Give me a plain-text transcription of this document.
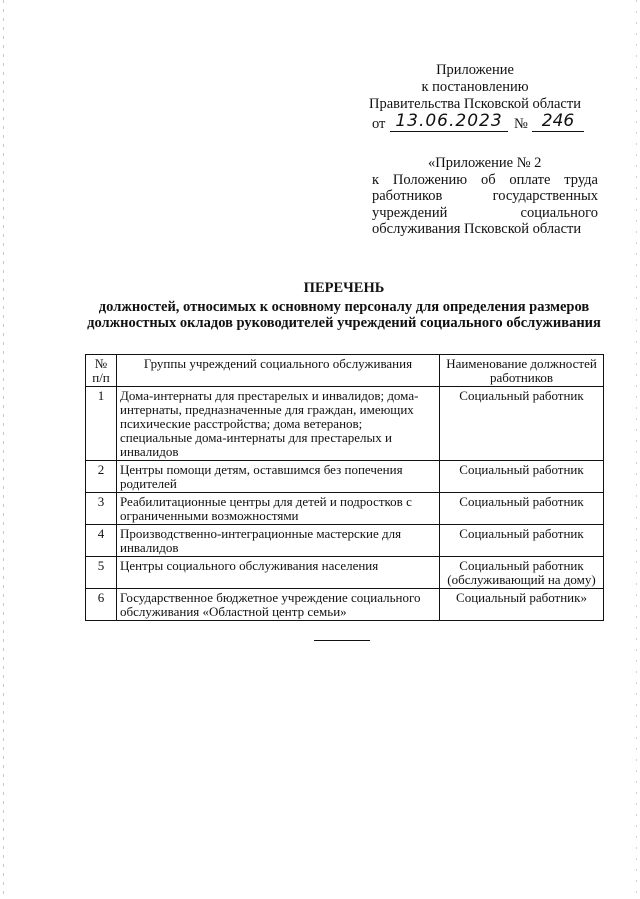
Приложение
к постановлению
Правительства Псковской области
от 13.06.2023 № 246
«Приложение № 2
к Положению об оплате труда работников государственных учреждений социального обслуживания Псковской области
ПЕРЕЧЕНЬ
должностей, относимых к основному персоналу для определения размеров должностных окладов руководителей учреждений социального обслуживания
№ п/п	Группы учреждений социального обслуживания	Наименование должностей работников
1	Дома-интернаты для престарелых и инвалидов; дома-интернаты, предназначенные для граждан, имеющих психические расстройства; дома ветеранов; специальные дома-интернаты для престарелых и инвалидов	Социальный работник
2	Центры помощи детям, оставшимся без попечения родителей	Социальный работник
3	Реабилитационные центры для детей и подростков с ограниченными возможностями	Социальный работник
4	Производственно-интеграционные мастерские для инвалидов	Социальный работник
5	Центры социального обслуживания населения	Социальный работник (обслуживающий на дому)
6	Государственное бюджетное учреждение социального обслуживания «Областной центр семьи»	Социальный работник»
